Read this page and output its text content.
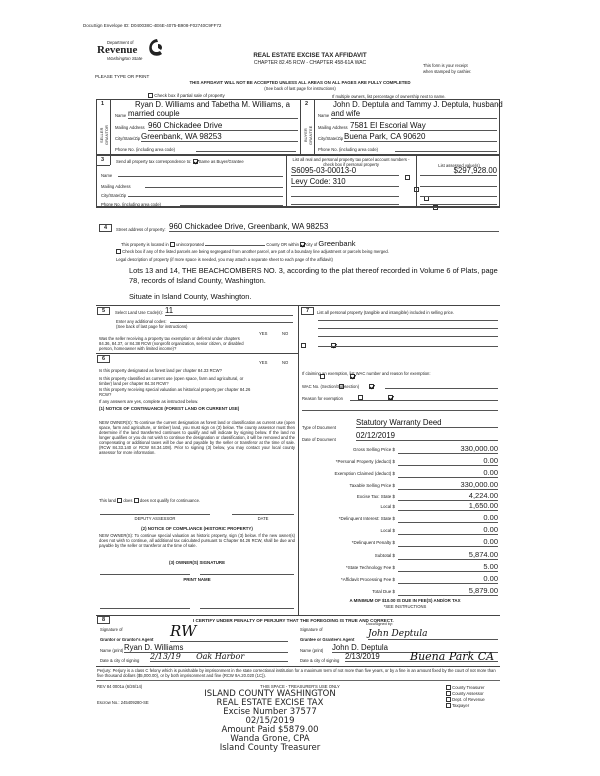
DocuSign Envelope ID: D040038C-4E6E-4075-B908-F02740C9FF72
Department of
Revenue
Washington State
PLEASE TYPE OR PRINT
REAL ESTATE EXCISE TAX AFFIDAVIT
CHAPTER 82.45 RCW - CHAPTER 458-61A WAC	This form is your receipt
when stamped by cashier.
THIS AFFIDAVIT WILL NOT BE ACCEPTED UNLESS ALL AREAS ON ALL PAGES ARE FULLY COMPLETED
(See back of last page for instructions)
Check box if partial sale of property	If multiple owners, list percentage of ownership next to name.
1
SELLER GRANTOR
Ryan D. Williams and Tabetha M. Williams, a
Name married couple
Mailing Address 960 Chickadee Drive
City/State/Zip Greenbank, WA 98253
Phone No. (including area code)
2
BUYER GRANTEE
John D. Deptula and Tammy J. Deptula, husband
Name and wife
Mailing Address 7581 El Escorial Way
City/State/Zip Buena Park, CA 90620
Phone No. (including area code)
3	Send all property tax correspondence to: Same as Buyer/Grantee
Name
Mailing Address
City/State/Zip
Phone No. (including area code)
List all real and personal property tax parcel account numbers - check box if personal property	List assessed value(s)
S6095-03-00013-0
	$297,928.00
Levy Code: 310

4	Street address of property: 960 Chickadee Drive, Greenbank, WA 98253
This property is located in unincorporated	County OR within city of Greenbank
Check box if any of the listed parcels are being segregated from another parcel, are part of a boundary line adjustment or parcels being merged.
Legal description of property (if more space is needed, you may attach a separate sheet to each page of the affidavit)
Lots 13 and 14, THE BEACHCOMBERS NO. 3, according to the plat thereof recorded in Volume 6 of Plats, page
78, records of Island County, Washington.
Situate in Island County, Washington.
5	Select Land Use Code(s): 11
Enter any additional codes:
(See back of last page for instructions)
YES	NO
Was the seller receiving a property tax exemption or deferral under chapters 84.36, 84.37, or 84.38 RCW (nonprofit organization, senior citizen, or disabled person, homeowner with limited income)?

6
YES	NO
Is this property designated as forest land per chapter 84.33 RCW?

Is this property classified as current use (open space, farm and agricultural, or timber) land per chapter 84.34 RCW?

Is this property receiving special valuation as historical property per chapter 84.26 RCW?

If any answers are yes, complete as instructed below.
(1) NOTICE OF CONTINUANCE (FOREST LAND OR CURRENT USE)
NEW OWNER(S): To continue the current designation as forest land or classification as current use (open space, farm and agriculture, or timber) land, you must sign on (3) below. The county assessor must then determine if the land transferred continues to qualify and will indicate by signing below. If the land no longer qualifies or you do not wish to continue the designation or classification, it will be removed and the compensating or additional taxes will be due and payable by the seller or transferor at the time of sale. (RCW 84.33.140 or RCW 84.34.108). Prior to signing (3) below, you may contact your local county assessor for more information.
This land does does not qualify for continuance.
DEPUTY ASSESSOR	DATE
(2) NOTICE OF COMPLIANCE (HISTORIC PROPERTY)
NEW OWNER(S): To continue special valuation as historic property, sign (3) below. If the new owner(s) does not wish to continue, all additional tax calculated pursuant to Chapter 84.26 RCW, shall be due and payable by the seller or transferor at the time of sale.
(3) OWNER(S) SIGNATURE
PRINT NAME
7	List all personal property (tangible and intangible) included in selling price.
If claiming an exemption, list WAC number and reason for exemption:
WAC No. (Section/Subsection)
Reason for exemption
Type of Document
Statutory Warranty Deed
Date of Document	02/12/2019
Gross Selling Price $	330,000.00
*Personal Property (deduct) $	0.00
Exemption Claimed (deduct) $	0.00
Taxable Selling Price $	330,000.00
Excise Tax: State $	4,224.00
Local $	1,650.00
*Delinquent Interest: State $	0.00
Local $	0.00
*Delinquent Penalty $	0.00
Subtotal $	5,874.00
*State Technology Fee $	5.00
*Affidavit Processing Fee $	0.00
Total Due $	5,879.00
A MINIMUM OF $10.00 IS DUE IN FEE(S) AND/OR TAX
*SEE INSTRUCTIONS
8	I CERTIFY UNDER PENALTY OF PERJURY THAT THE FOREGOING IS TRUE AND CORRECT.
Signature of
Grantor or Grantor's Agent RW
Name (print) Ryan D. Williams
Date & city of signing 2/13/19      Oak Harbor
Signature of
DocuSigned by:
Grantee or Grantee's Agent
John Deptula
Name (print) John D. Deptula
Date & city of signing 2/13/2019	Buena Park CA
Perjury: Perjury is a class C felony which is punishable by imprisonment in the state correctional institution for a maximum term of not more than five years, or by a fine in an amount fixed by the court of not more than five thousand dollars ($5,000.00), or by both imprisonment and fine (RCW 9A.20.020 (1C)).
REV 84 0001a (6/26/14)	THIS SPACE - TREASURER'S USE ONLY
Escrow No.: 245409280-SE
ISLAND COUNTY WASHINGTON
REAL ESTATE EXCISE TAX
Excise Number 37577
02/15/2019
Amount Paid $5879.00
Wanda Grone, CPA
Island County Treasurer
County Treasurer
County Assessor
Dept. of Revenue
Taxpayer
